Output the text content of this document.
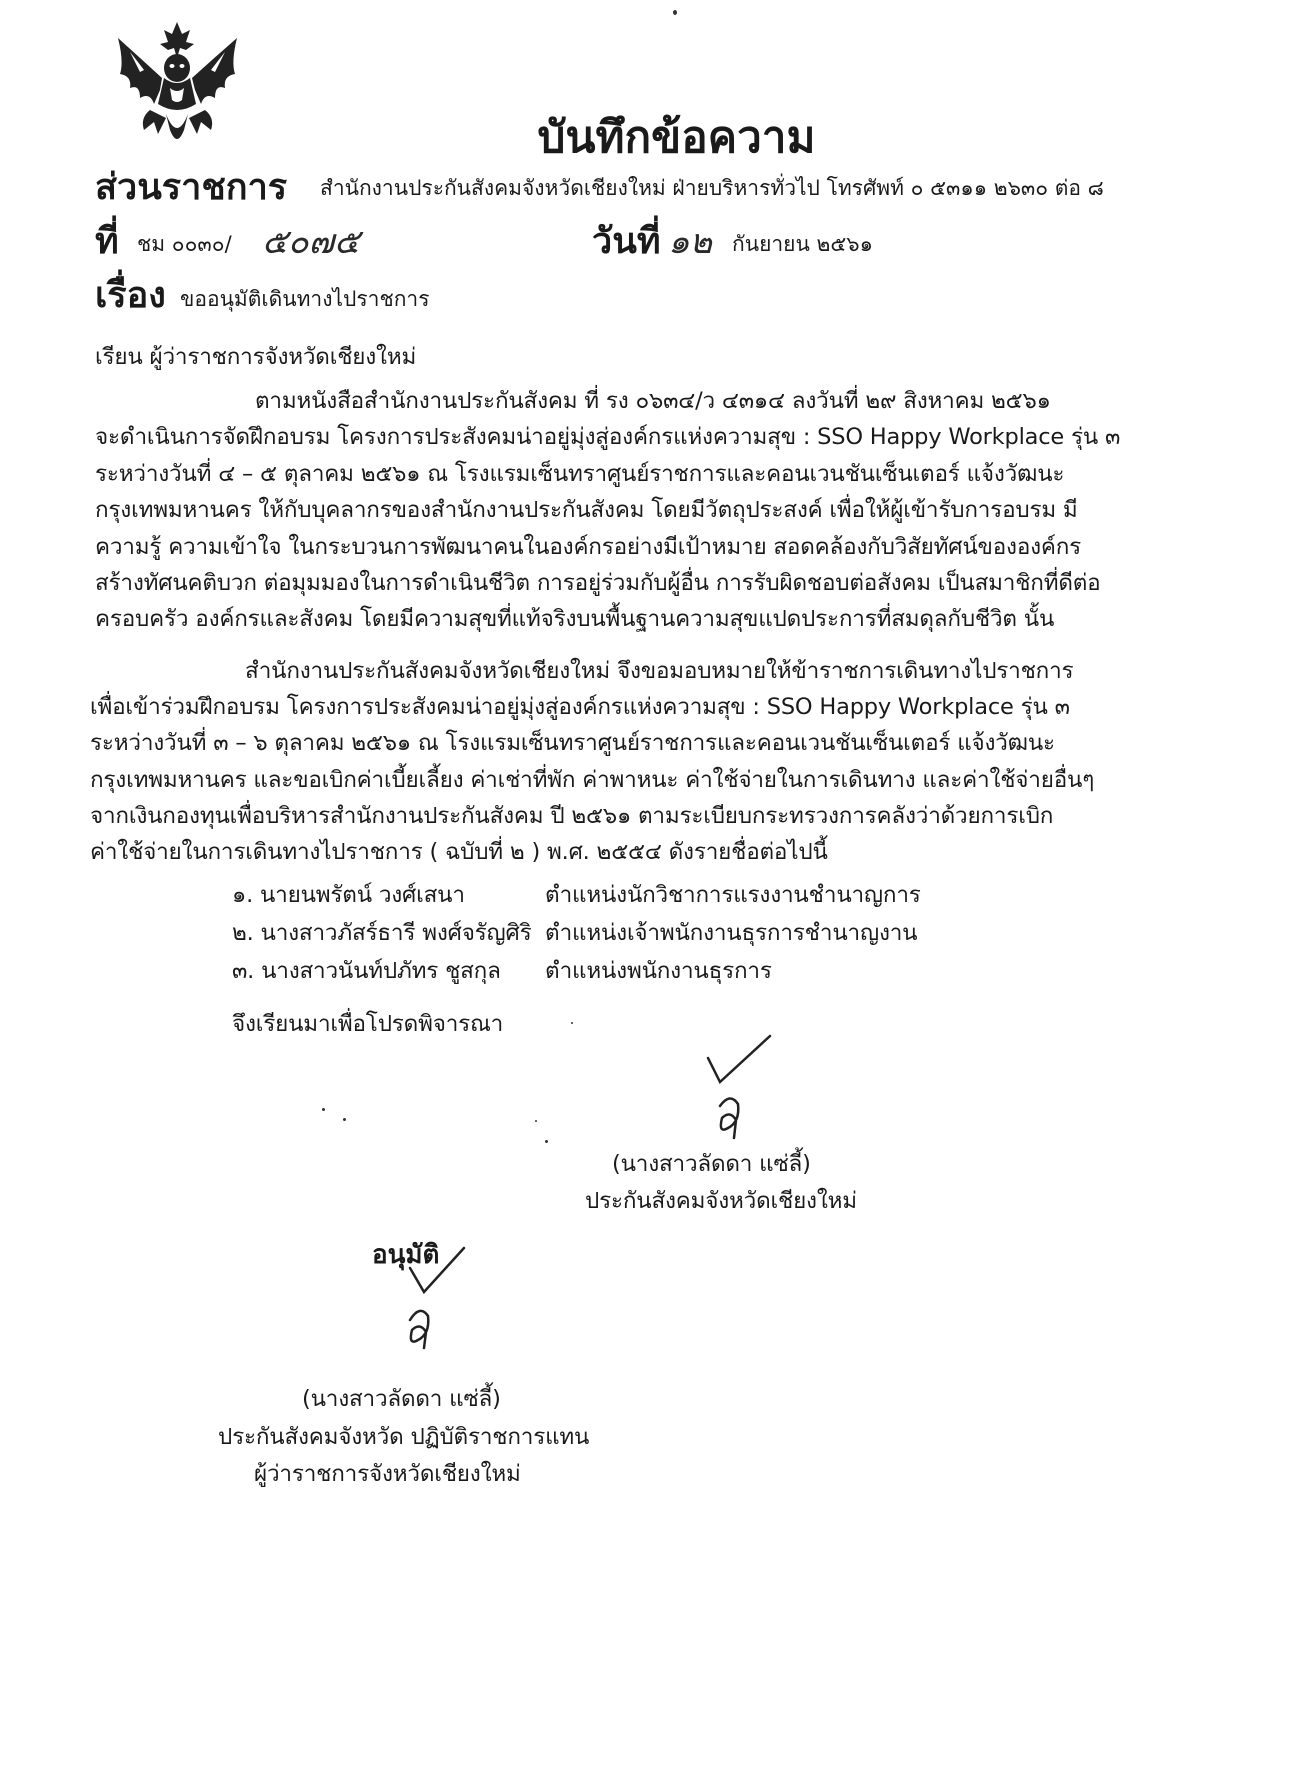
บันทึกข้อความ
ส่วนราชการ สำนักงานประกันสังคมจังหวัดเชียงใหม่ ฝ่ายบริหารทั่วไป โทรศัพท์ ๐ ๕๓๑๑ ๒๖๓๐ ต่อ ๘
ที่ ชม ๐๐๓๐/ ๕๐๗๕	วันที่ ๑๒ กันยายน ๒๕๖๑
เรื่อง ขออนุมัติเดินทางไปราชการ
เรียน ผู้ว่าราชการจังหวัดเชียงใหม่
ตามหนังสือสำนักงานประกันสังคม ที่ รง ๐๖๓๔/ว ๔๓๑๔ ลงวันที่ ๒๙ สิงหาคม ๒๕๖๑
จะดำเนินการจัดฝึกอบรม โครงการประสังคมน่าอยู่มุ่งสู่องค์กรแห่งความสุข : SSO Happy Workplace รุ่น ๓
ระหว่างวันที่ ๔ – ๕ ตุลาคม ๒๕๖๑ ณ โรงแรมเซ็นทราศูนย์ราชการและคอนเวนชันเซ็นเตอร์ แจ้งวัฒนะ
กรุงเทพมหานคร ให้กับบุคลากรของสำนักงานประกันสังคม โดยมีวัตถุประสงค์ เพื่อให้ผู้เข้ารับการอบรม มี
ความรู้ ความเข้าใจ ในกระบวนการพัฒนาคนในองค์กรอย่างมีเป้าหมาย สอดคล้องกับวิสัยทัศน์ขององค์กร
สร้างทัศนคติบวก ต่อมุมมองในการดำเนินชีวิต การอยู่ร่วมกับผู้อื่น การรับผิดชอบต่อสังคม เป็นสมาชิกที่ดีต่อ
ครอบครัว องค์กรและสังคม โดยมีความสุขที่แท้จริงบนพื้นฐานความสุขแปดประการที่สมดุลกับชีวิต นั้น
สำนักงานประกันสังคมจังหวัดเชียงใหม่ จึงขอมอบหมายให้ข้าราชการเดินทางไปราชการ
เพื่อเข้าร่วมฝึกอบรม โครงการประสังคมน่าอยู่มุ่งสู่องค์กรแห่งความสุข : SSO Happy Workplace รุ่น ๓
ระหว่างวันที่ ๓ – ๖ ตุลาคม ๒๕๖๑ ณ โรงแรมเซ็นทราศูนย์ราชการและคอนเวนชันเซ็นเตอร์ แจ้งวัฒนะ
กรุงเทพมหานคร และขอเบิกค่าเบี้ยเลี้ยง ค่าเช่าที่พัก ค่าพาหนะ ค่าใช้จ่ายในการเดินทาง และค่าใช้จ่ายอื่นๆ
จากเงินกองทุนเพื่อบริหารสำนักงานประกันสังคม ปี ๒๕๖๑ ตามระเบียบกระทรวงการคลังว่าด้วยการเบิก
ค่าใช้จ่ายในการเดินทางไปราชการ ( ฉบับที่ ๒ ) พ.ศ. ๒๕๕๔ ดังรายชื่อต่อไปนี้
๑. นายนพรัตน์ วงศ์เสนา	ตำแหน่งนักวิชาการแรงงานชำนาญการ
๒. นางสาวภัสร์ธารี พงศ์จรัญศิริ ตำแหน่งเจ้าพนักงานธุรการชำนาญงาน
๓. นางสาวนันท์ปภัทร ชูสกุล ตำแหน่งพนักงานธุรการ
จึงเรียนมาเพื่อโปรดพิจารณา
(นางสาวลัดดา แซ่ลี้)
ประกันสังคมจังหวัดเชียงใหม่
อนุมัติ
(นางสาวลัดดา แซ่ลี้)
ประกันสังคมจังหวัด ปฏิบัติราชการแทน
ผู้ว่าราชการจังหวัดเชียงใหม่
